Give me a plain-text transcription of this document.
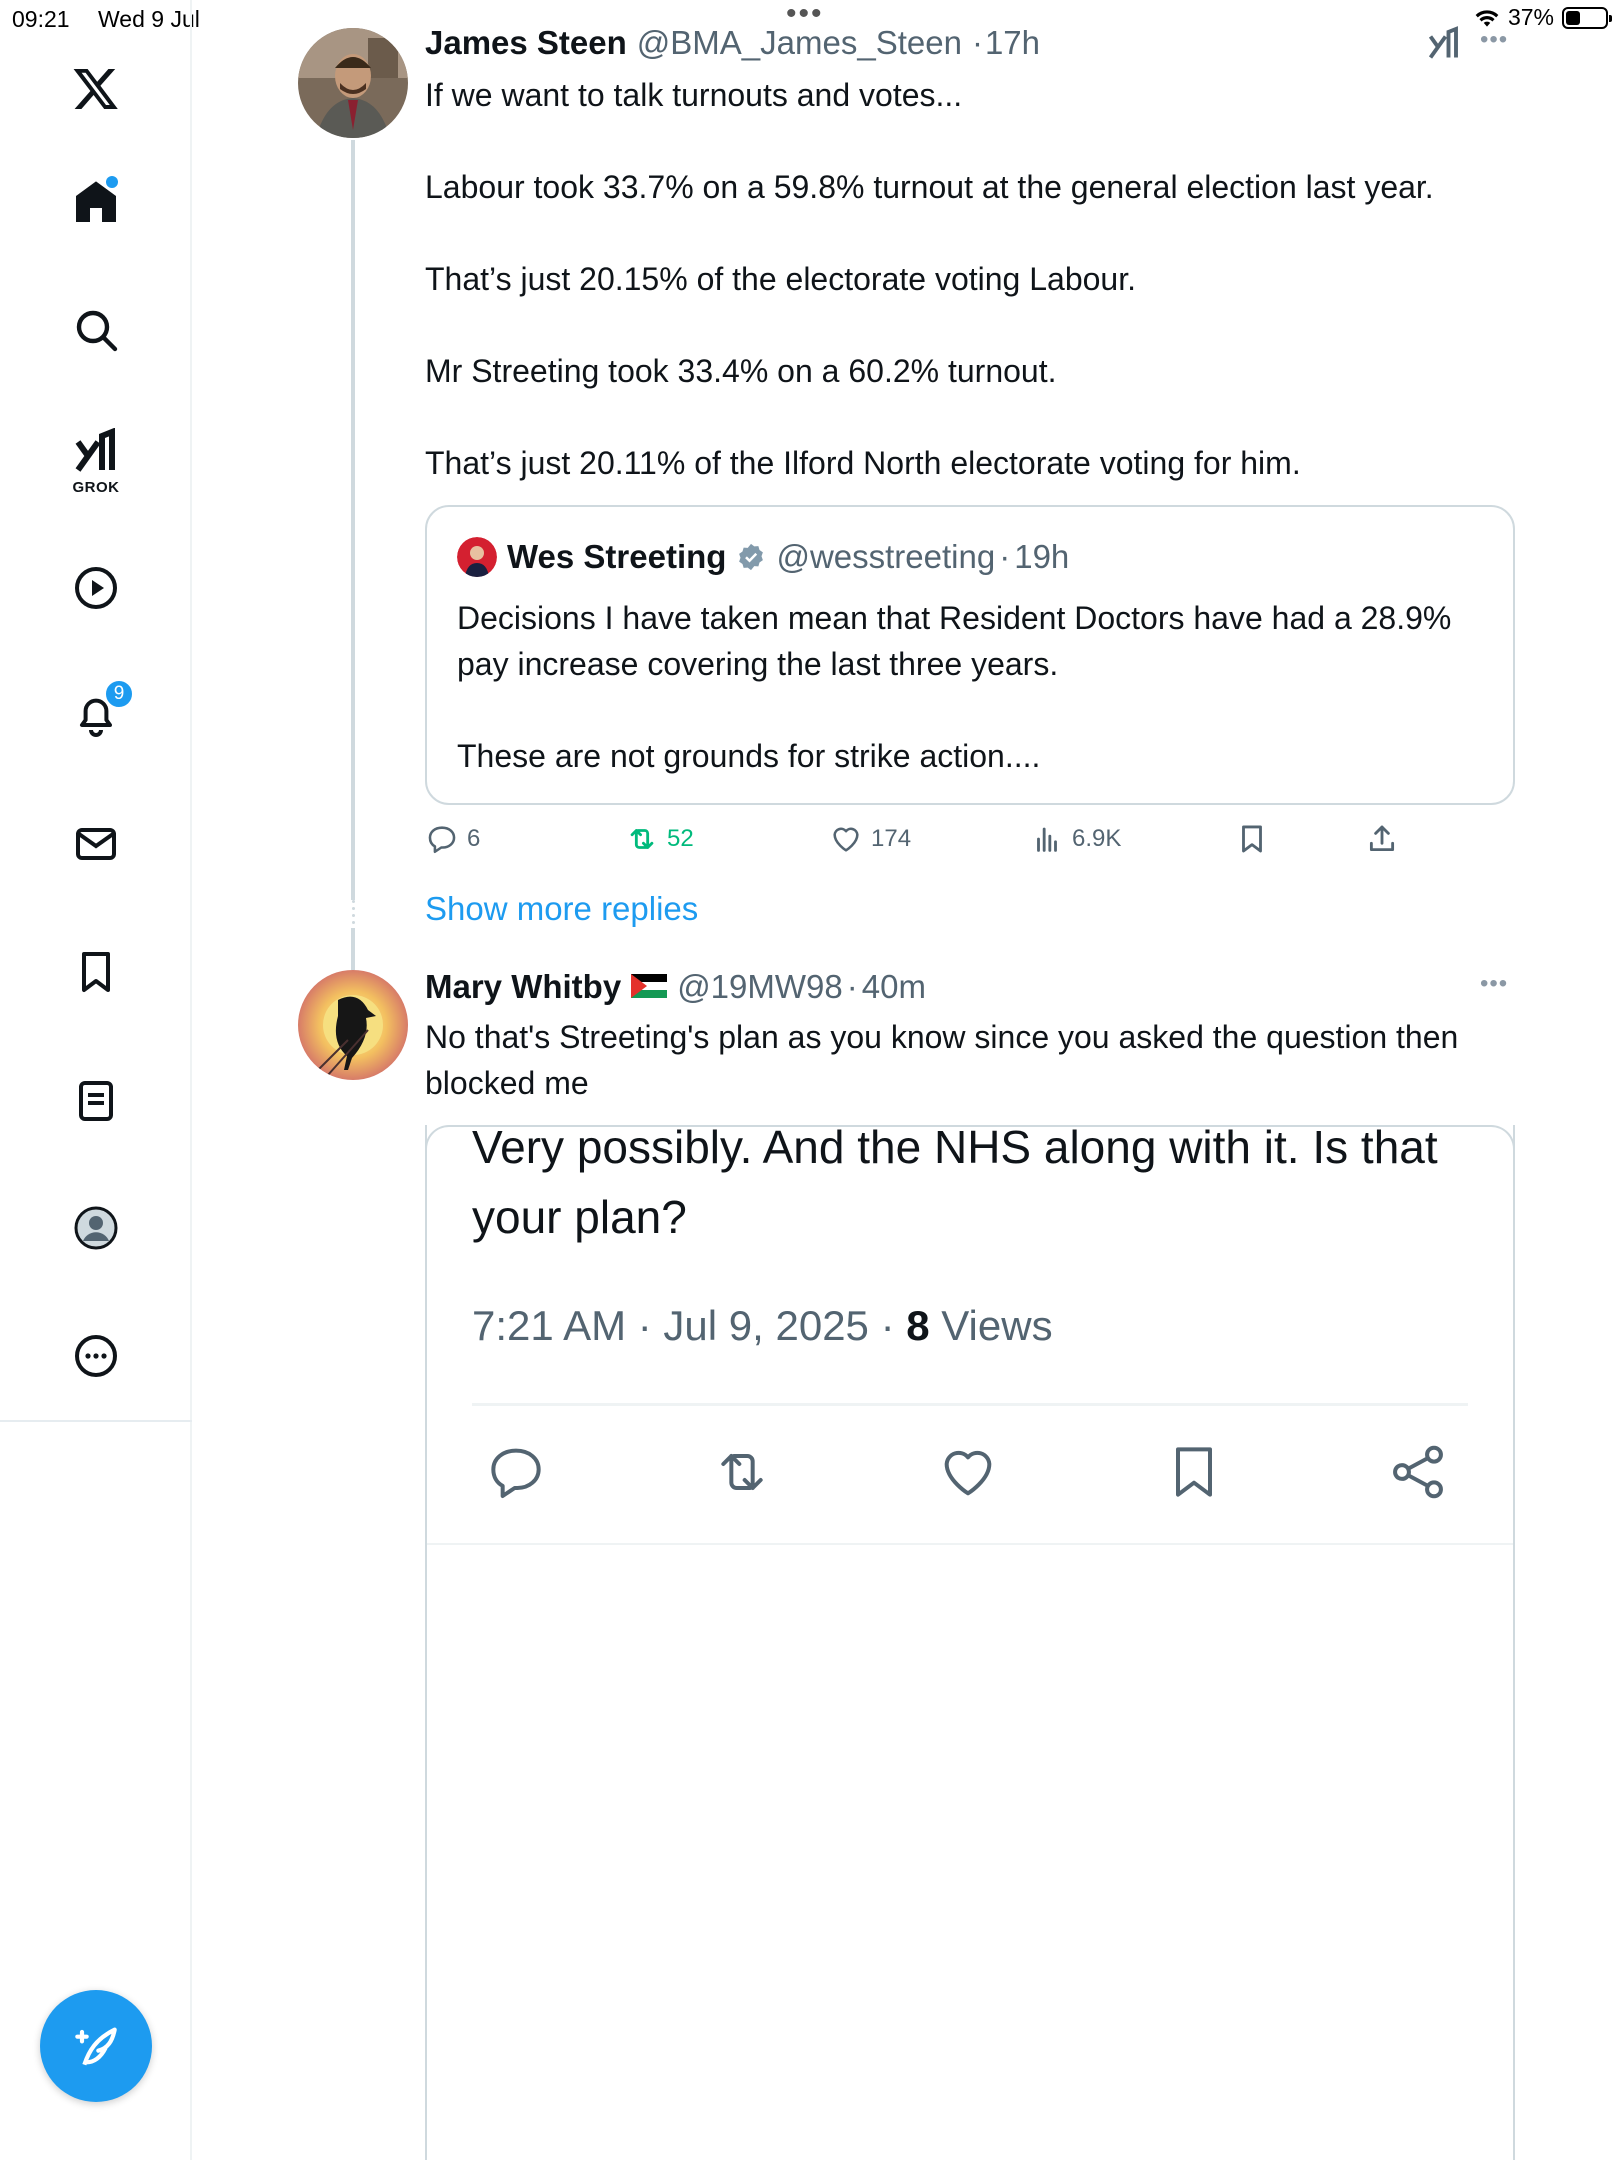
09:21 Wed 9 Jul	•••	37%
GROK
9
•••
James Steen @BMA_James_Steen · 17h

If we want to talk turnouts and votes...

Labour took 33.7% on a 59.8% turnout at the general election last year.

That’s just 20.15% of the electorate voting Labour.

Mr Streeting took 33.4% on a 60.2% turnout.

That’s just 20.11% of the Ilford North electorate voting for him.

Wes Streeting @wesstreeting · 19h

Decisions I have taken mean that Resident Doctors have had a 28.9% pay increase covering the last three years.

These are not grounds for strike action....

6	52	174	6.9K
Show more replies
Mary Whitby @19MW98 · 40m	•••
No that's Streeting's plan as you know since you asked the question then blocked me
Very possibly. And the NHS along with it. Is that your plan?
7:21 AM · Jul 9, 2025 · 8 Views
